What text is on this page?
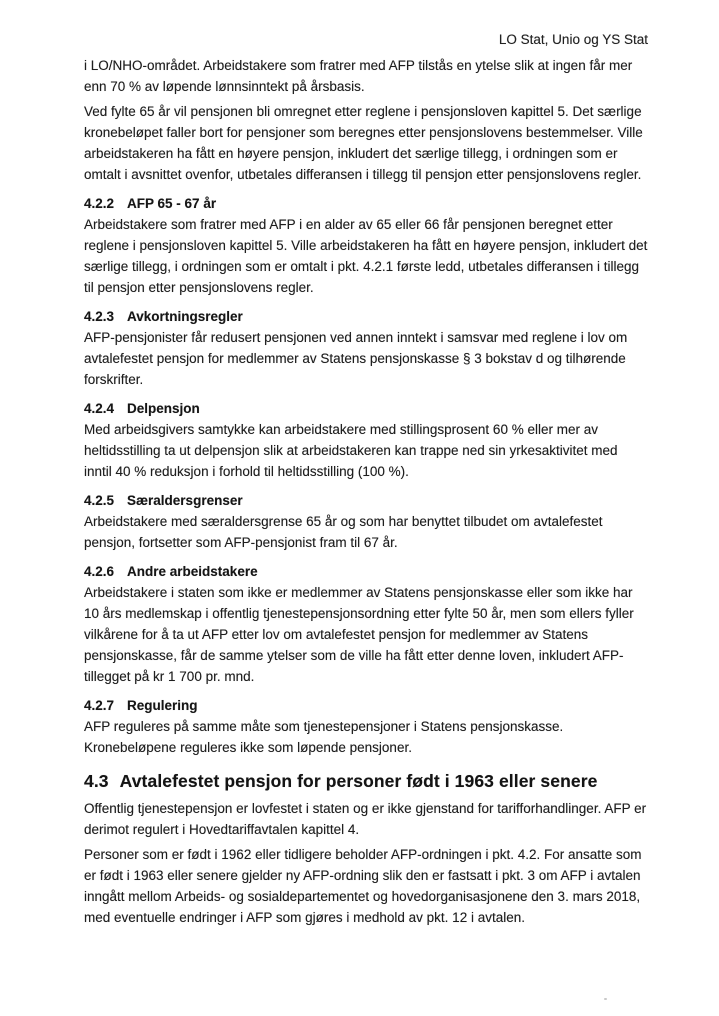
LO Stat, Unio og YS Stat

i LO/NHO-området. Arbeidstakere som fratrer med AFP tilstås en ytelse slik at ingen får mer enn 70 % av løpende lønnsinntekt på årsbasis.

Ved fylte 65 år vil pensjonen bli omregnet etter reglene i pensjonsloven kapittel 5. Det særlige kronebeløpet faller bort for pensjoner som beregnes etter pensjonslovens bestemmelser. Ville arbeidstakeren ha fått en høyere pensjon, inkludert det særlige tillegg, i ordningen som er omtalt i avsnittet ovenfor, utbetales differansen i tillegg til pensjon etter pensjonslovens regler.

4.2.2 AFP 65 - 67 år

Arbeidstakere som fratrer med AFP i en alder av 65 eller 66 får pensjonen beregnet etter reglene i pensjonsloven kapittel 5. Ville arbeidstakeren ha fått en høyere pensjon, inkludert det særlige tillegg, i ordningen som er omtalt i pkt. 4.2.1 første ledd, utbetales differansen i tillegg til pensjon etter pensjonslovens regler.

4.2.3 Avkortningsregler

AFP-pensjonister får redusert pensjonen ved annen inntekt i samsvar med reglene i lov om avtalefestet pensjon for medlemmer av Statens pensjonskasse § 3 bokstav d og tilhørende forskrifter.

4.2.4 Delpensjon

Med arbeidsgivers samtykke kan arbeidstakere med stillingsprosent 60 % eller mer av heltidsstilling ta ut delpensjon slik at arbeidstakeren kan trappe ned sin yrkesaktivitet med inntil 40 % reduksjon i forhold til heltidsstilling (100 %).

4.2.5 Særaldersgrenser

Arbeidstakere med særaldersgrense 65 år og som har benyttet tilbudet om avtalefestet pensjon, fortsetter som AFP-pensjonist fram til 67 år.

4.2.6 Andre arbeidstakere

Arbeidstakere i staten som ikke er medlemmer av Statens pensjonskasse eller som ikke har 10 års medlemskap i offentlig tjenestepensjonsordning etter fylte 50 år, men som ellers fyller vilkårene for å ta ut AFP etter lov om avtalefestet pensjon for medlemmer av Statens pensjonskasse, får de samme ytelser som de ville ha fått etter denne loven, inkludert AFP-tillegget på kr 1 700 pr. mnd.

4.2.7 Regulering

AFP reguleres på samme måte som tjenestepensjoner i Statens pensjonskasse. Kronebeløpene reguleres ikke som løpende pensjoner.

4.3 Avtalefestet pensjon for personer født i 1963 eller senere

Offentlig tjenestepensjon er lovfestet i staten og er ikke gjenstand for tarifforhandlinger. AFP er derimot regulert i Hovedtariffavtalen kapittel 4.

Personer som er født i 1962 eller tidligere beholder AFP-ordningen i pkt. 4.2. For ansatte som er født i 1963 eller senere gjelder ny AFP-ordning slik den er fastsatt i pkt. 3 om AFP i avtalen inngått mellom Arbeids- og sosialdepartementet og hovedorganisasjonene den 3. mars 2018, med eventuelle endringer i AFP som gjøres i medhold av pkt. 12 i avtalen.
